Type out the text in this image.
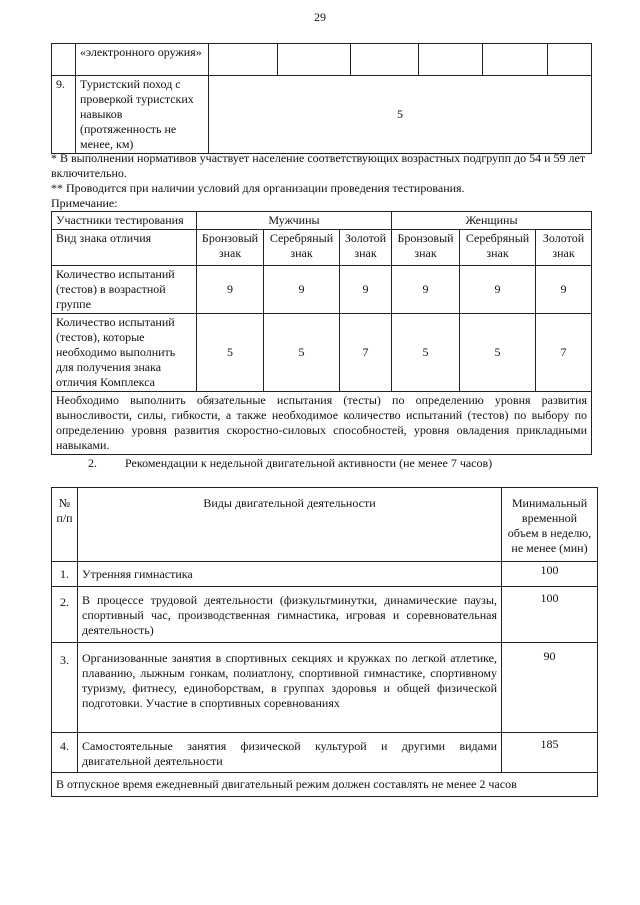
29
	«электронного оружия»						
9.	Туристский поход с проверкой туристских навыков (протяженность не менее, км)	5					
* В выполнении нормативов участвует население соответствующих возрастных подгрупп до 54 и 59 лет включительно.
** Проводится при наличии условий для организации проведения тестирования.
Примечание:
Участники тестирования	Мужчины			Женщины		
Вид знака отличия	Бронзовый знак	Серебряный знак	Золотой знак	Бронзовый знак	Серебряный знак	Золотой знак
Количество испытаний (тестов) в возрастной группе	9	9	9	9	9	9
Количество испытаний (тестов), которые необходимо выполнить для получения знака отличия Комплекса	5	5	7	5	5	7
Необходимо выполнить обязательные испытания (тесты) по определению уровня развития выносливости, силы, гибкости, а также необходимое количество испытаний (тестов) по выбору по определению уровня развития скоростно-силовых способностей, уровня овладения прикладными навыками.						
2. Рекомендации к недельной двигательной активности (не менее 7 часов)
№ п/п	Виды двигательной деятельности	Минимальный временной объем в неделю, не менее (мин)
1.	Утренняя гимнастика	100
2.	В процессе трудовой деятельности (физкультминутки, динамические паузы, спортивный час, производственная гимнастика, игровая и соревновательная деятельность)	100
3.	Организованные занятия в спортивных секциях и кружках по легкой атлетике, плаванию, лыжным гонкам, полиатлону, спортивной гимнастике, спортивному туризму, фитнесу, единоборствам, в группах здоровья и общей физической подготовки. Участие в спортивных соревнованиях	90
4.	Самостоятельные занятия физической культурой и другими видами двигательной деятельности	185
В отпускное время ежедневный двигательный режим должен составлять не менее 2 часов		
